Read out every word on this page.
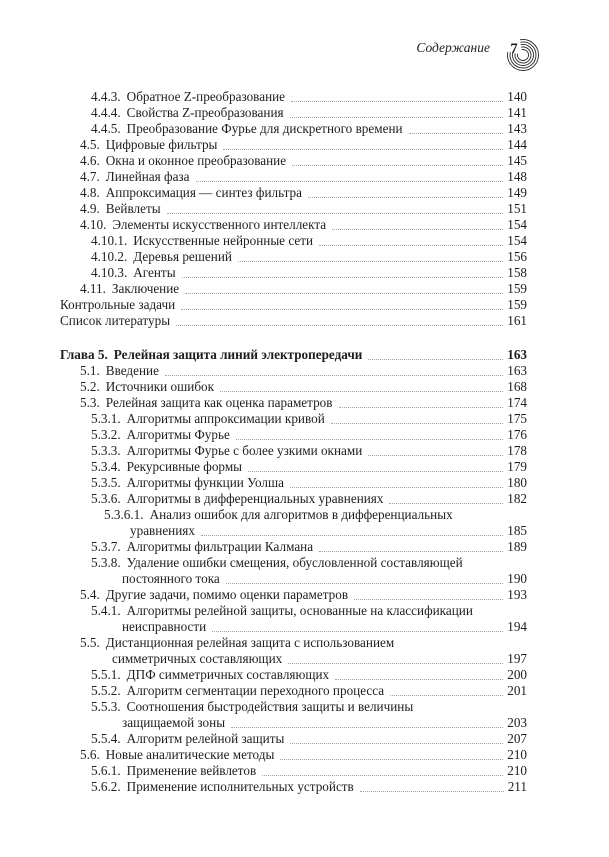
Содержание 7
4.4.3. Обратное Z-преобразование	140
4.4.4. Свойства Z-преобразования	141
4.4.5. Преобразование Фурье для дискретного времени	143
4.5. Цифровые фильтры	144
4.6. Окна и оконное преобразование	145
4.7. Линейная фаза	148
4.8. Аппроксимация — синтез фильтра	149
4.9. Вейвлеты	151
4.10. Элементы искусственного интеллекта	154
4.10.1. Искусственные нейронные сети	154
4.10.2. Деревья решений	156
4.10.3. Агенты	158
4.11. Заключение	159
Контрольные задачи	159
Список литературы	161
Глава 5. Релейная защита линий электропередачи	163
5.1. Введение	163
5.2. Источники ошибок	168
5.3. Релейная защита как оценка параметров	174
5.3.1. Алгоритмы аппроксимации кривой	175
5.3.2. Алгоритмы Фурье	176
5.3.3. Алгоритмы Фурье с более узкими окнами	178
5.3.4. Рекурсивные формы	179
5.3.5. Алгоритмы функции Уолша	180
5.3.6. Алгоритмы в дифференциальных уравнениях	182
5.3.6.1. Анализ ошибок для алгоритмов в дифференциальных
уравнениях	185
5.3.7. Алгоритмы фильтрации Калмана	189
5.3.8. Удаление ошибки смещения, обусловленной составляющей
постоянного тока	190
5.4. Другие задачи, помимо оценки параметров	193
5.4.1. Алгоритмы релейной защиты, основанные на классификации
неисправности	194
5.5. Дистанционная релейная защита с использованием
симметричных составляющих	197
5.5.1. ДПФ симметричных составляющих	200
5.5.2. Алгоритм сегментации переходного процесса	201
5.5.3. Соотношения быстродействия защиты и величины
защищаемой зоны	203
5.5.4. Алгоритм релейной защиты	207
5.6. Новые аналитические методы	210
5.6.1. Применение вейвлетов	210
5.6.2. Применение исполнительных устройств	211
